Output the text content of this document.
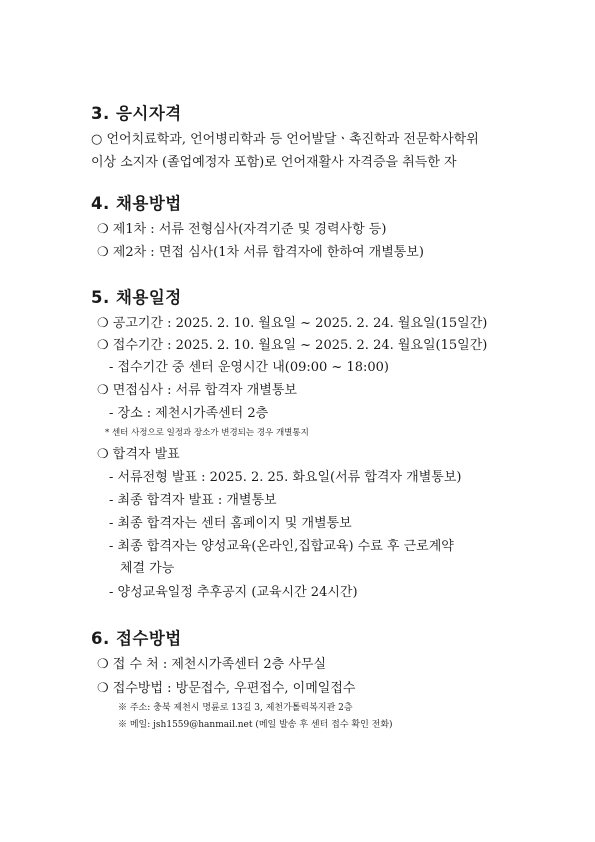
3. 응시자격
○ 언어치료학과, 언어병리학과 등 언어발달ㆍ촉진학과 전문학사학위
이상 소지자 (졸업예정자 포함)로 언어재활사 자격증을 취득한 자
4. 채용방법
❍ 제1차 : 서류 전형심사(자격기준 및 경력사항 등)
❍ 제2차 : 면접 심사(1차 서류 합격자에 한하여 개별통보)
5. 채용일정
❍ 공고기간 : 2025. 2. 10. 월요일 ~ 2025. 2. 24. 월요일(15일간)
❍ 접수기간 : 2025. 2. 10. 월요일 ~ 2025. 2. 24. 월요일(15일간)
- 접수기간 중 센터 운영시간 내(09:00 ~ 18:00)
❍ 면접심사 : 서류 합격자 개별통보
- 장소 : 제천시가족센터 2층
* 센터 사정으로 일정과 장소가 변경되는 경우 개별통지
❍ 합격자 발표
- 서류전형 발표 : 2025. 2. 25. 화요일(서류 합격자 개별통보)
- 최종 합격자 발표 : 개별통보
- 최종 합격자는 센터 홈페이지 및 개별통보
- 최종 합격자는 양성교육(온라인,집합교육) 수료 후 근로계약
체결 가능
- 양성교육일정 추후공지 (교육시간 24시간)
6. 접수방법
❍ 접 수 처 : 제천시가족센터 2층 사무실
❍ 접수방법 : 방문접수, 우편접수, 이메일접수
※ 주소: 충북 제천시 명륜로 13길 3, 제천가톨릭복지관 2층
※ 메일: jsh1559@hanmail.net (메일 발송 후 센터 접수 확인 전화)
